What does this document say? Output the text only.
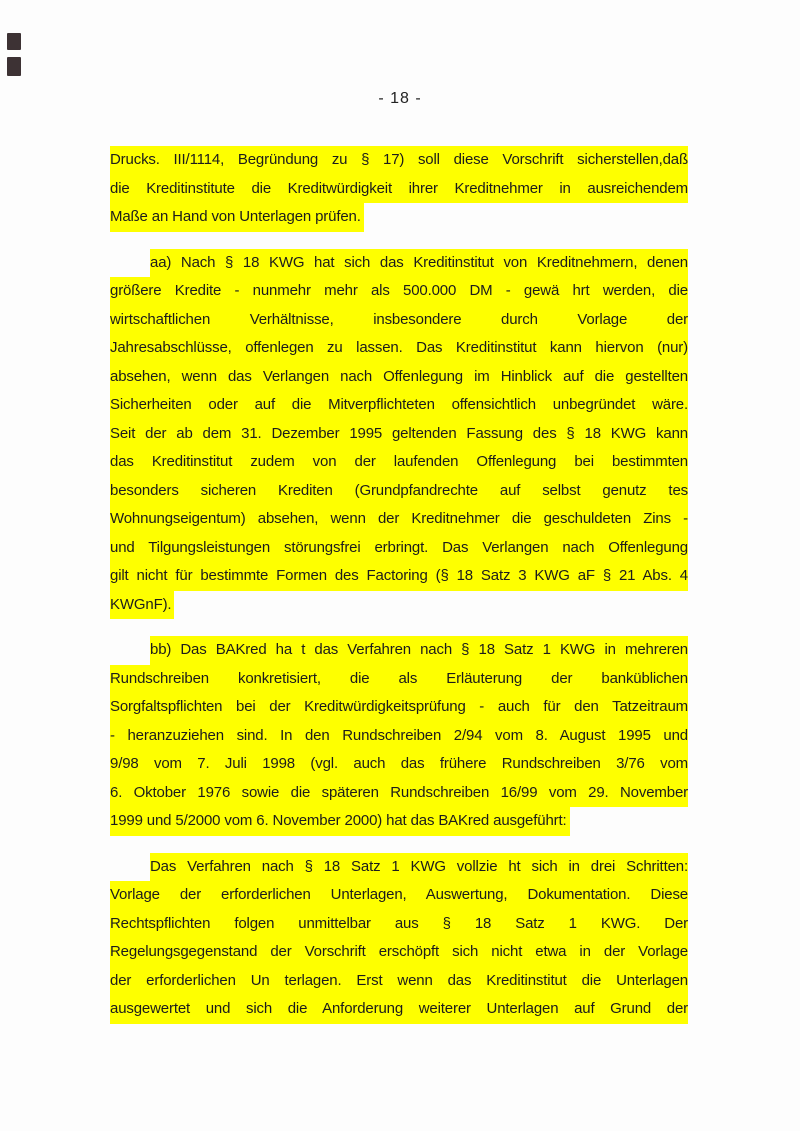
- 18 -
Drucks. III/1114, Begründung zu § 17) soll diese Vorschrift sicherstellen,daß
die Kreditinstitute die Kreditwürdigkeit ihrer Kreditnehmer in ausreichendem
Maße an Hand von Unterlagen prüfen.
aa) Nach § 18 KWG hat sich das Kreditinstitut von Kreditnehmern, denen
größere Kredite - nunmehr mehr als 500.000 DM - gewä hrt werden, die
wirtschaftlichen Verhältnisse, insbesondere durch Vorlage der
Jahresabschlüsse, offenlegen zu lassen. Das Kreditinstitut kann hiervon (nur)
absehen, wenn das Verlangen nach Offenlegung im Hinblick auf die gestellten
Sicherheiten oder auf die Mitverpflichteten offensichtlich unbegründet wäre.
Seit der ab dem 31. Dezember 1995 geltenden Fassung des § 18 KWG kann
das Kreditinstitut zudem von der laufenden Offenlegung bei bestimmten
besonders sicheren Krediten (Grundpfandrechte auf selbst genutz tes
Wohnungseigentum) absehen, wenn der Kreditnehmer die geschuldeten Zins -
und Tilgungsleistungen störungsfrei erbringt. Das Verlangen nach Offenlegung
gilt nicht für bestimmte Formen des Factoring (§ 18 Satz 3 KWG aF § 21 Abs. 4
KWGnF).
bb) Das BAKred ha t das Verfahren nach § 18 Satz 1 KWG in mehreren
Rundschreiben konkretisiert, die als Erläuterung der banküblichen
Sorgfaltspflichten bei der Kreditwürdigkeitsprüfung - auch für den Tatzeitraum
- heranzuziehen sind. In den Rundschreiben 2/94 vom 8. August 1995 und
9/98 vom 7. Juli 1998 (vgl. auch das frühere Rundschreiben 3/76 vom
6. Oktober 1976 sowie die späteren Rundschreiben 16/99 vom 29. November
1999 und 5/2000 vom 6. November 2000) hat das BAKred ausgeführt:
Das Verfahren nach § 18 Satz 1 KWG vollzie ht sich in drei Schritten:
Vorlage der erforderlichen Unterlagen, Auswertung, Dokumentation. Diese
Rechtspflichten folgen unmittelbar aus § 18 Satz 1 KWG. Der
Regelungsgegenstand der Vorschrift erschöpft sich nicht etwa in der Vorlage
der erforderlichen Un terlagen. Erst wenn das Kreditinstitut die Unterlagen
ausgewertet und sich die Anforderung weiterer Unterlagen auf Grund der
